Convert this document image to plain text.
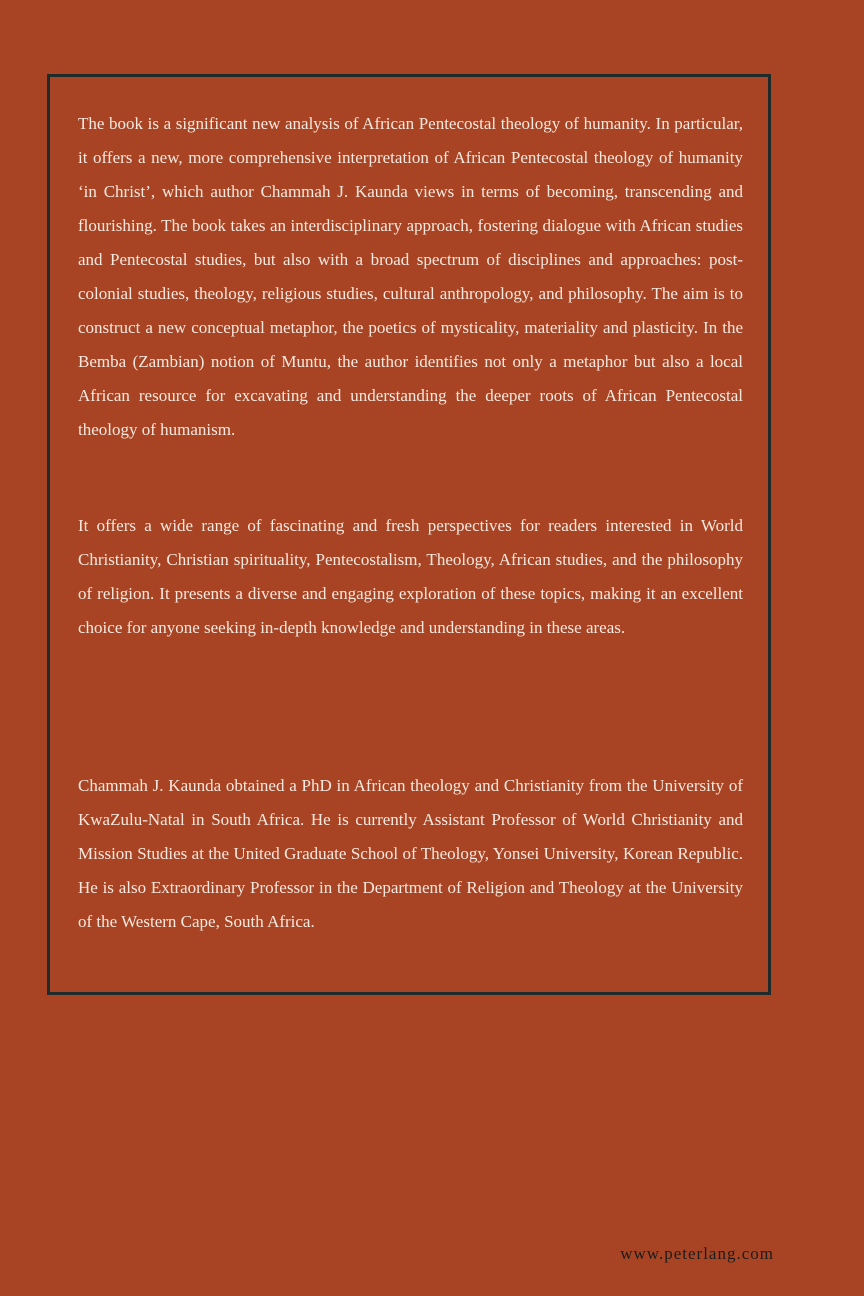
The book is a significant new analysis of African Pentecostal theology of humanity. In particular, it offers a new, more comprehensive interpretation of African Pentecostal theology of humanity ‘in Christ’, which author Chammah J. Kaunda views in terms of becoming, transcending and flourishing. The book takes an interdisciplinary approach, fostering dialogue with African studies and Pentecostal studies, but also with a broad spectrum of disciplines and approaches: post-colonial studies, theology, religious studies, cultural anthropology, and philosophy. The aim is to construct a new conceptual metaphor, the poetics of mysticality, materiality and plasticity. In the Bemba (Zambian) notion of Muntu, the author identifies not only a metaphor but also a local African resource for excavating and understanding the deeper roots of African Pentecostal theology of humanism.

It offers a wide range of fascinating and fresh perspectives for readers interested in World Christianity, Christian spirituality, Pentecostalism, Theology, African studies, and the philosophy of religion. It presents a diverse and engaging exploration of these topics, making it an excellent choice for anyone seeking in-depth knowledge and understanding in these areas.

Chammah J. Kaunda obtained a PhD in African theology and Christianity from the University of KwaZulu-Natal in South Africa. He is currently Assistant Professor of World Christianity and Mission Studies at the United Graduate School of Theology, Yonsei University, Korean Republic. He is also Extraordinary Professor in the Department of Religion and Theology at the University of the Western Cape, South Africa.

www.peterlang.com
